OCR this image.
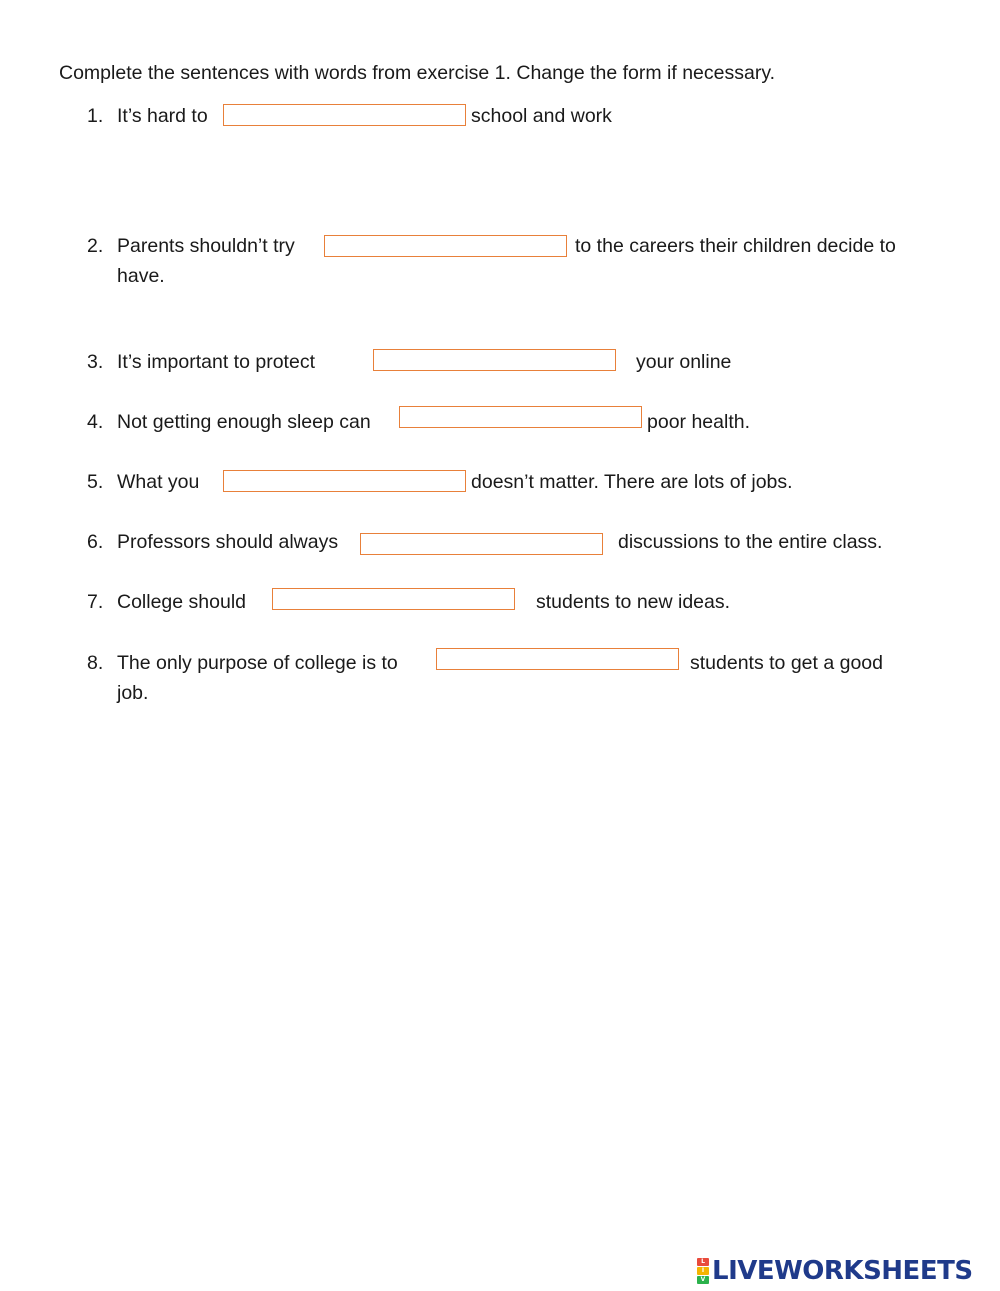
Complete the sentences with words from exercise 1. Change the form if necessary.
1. It’s hard to	school and work
2. Parents shouldn’t try	to the careers their children decide to
have.
3. It’s important to protect	your online
4. Not getting enough sleep can	poor health.
5. What you	doesn’t matter. There are lots of jobs.
6. Professors should always	discussions to the entire class.
7. College should	students to new ideas.
8. The only purpose of college is to	students to get a good
job.
L
I
V LIVEWORKSHEETS
